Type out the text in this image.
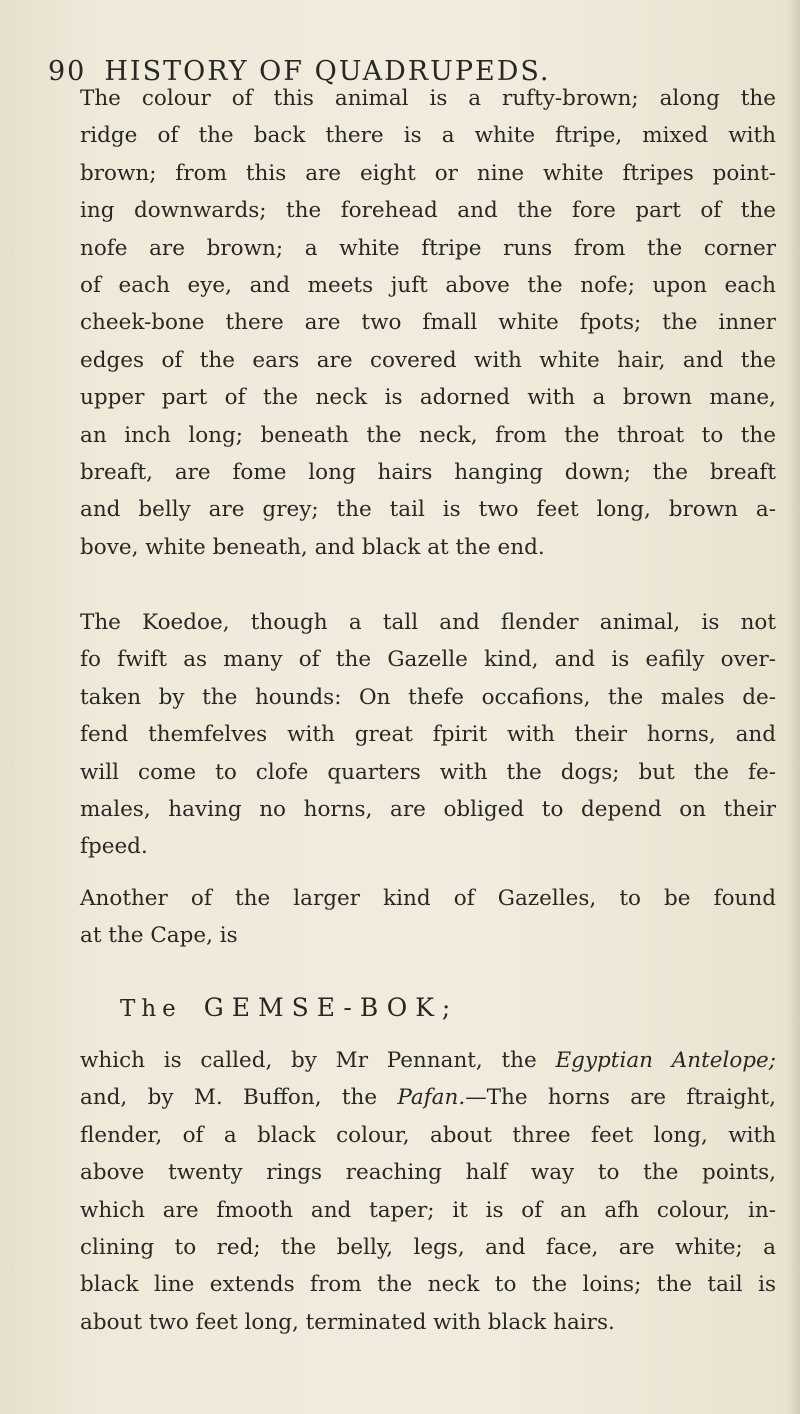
90 HISTORY OF QUADRUPEDS.
The colour of this animal is a rufty-brown; along the
ridge of the back there is a white ftripe, mixed with
brown; from this are eight or nine white ftripes point-
ing downwards; the forehead and the fore part of the
nofe are brown; a white ftripe runs from the corner
of each eye, and meets juft above the nofe; upon each
cheek-bone there are two fmall white fpots; the inner
edges of the ears are covered with white hair, and the
upper part of the neck is adorned with a brown mane,
an inch long; beneath the neck, from the throat to the
breaft, are fome long hairs hanging down; the breaft
and belly are grey; the tail is two feet long, brown a-
bove, white beneath, and black at the end.
The Koedoe, though a tall and flender animal, is not
fo fwift as many of the Gazelle kind, and is eafily over-
taken by the hounds: On thefe occafions, the males de-
fend themfelves with great fpirit with their horns, and
will come to clofe quarters with the dogs; but the fe-
males, having no horns, are obliged to depend on their
fpeed.
Another of the larger kind of Gazelles, to be found
at the Cape, is
The GEMSE-BOK;
which is called, by Mr Pennant, the Egyptian Antelope;
and, by M. Buffon, the Pafan.—The horns are ftraight,
flender, of a black colour, about three feet long, with
above twenty rings reaching half way to the points,
which are fmooth and taper; it is of an afh colour, in-
clining to red; the belly, legs, and face, are white; a
black line extends from the neck to the loins; the tail is
about two feet long, terminated with black hairs.
